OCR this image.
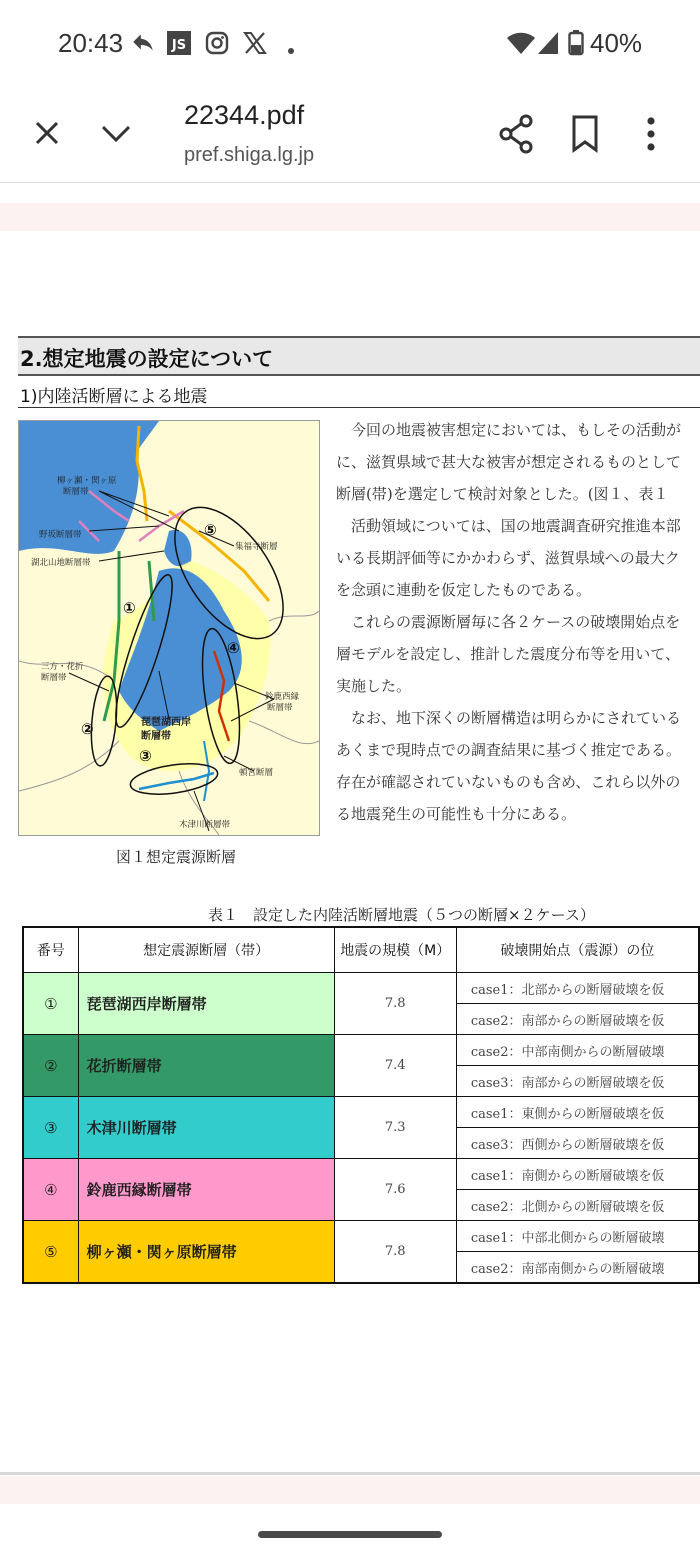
20:43	JS	40%
22344.pdf
pref.shiga.lg.jp
2.想定地震の設定について
1)内陸活断層による地震
柳ヶ瀬・関ヶ原
断層帯
野坂断層帯
湖北山地断層帯
集福寺断層
三方・花折
断層帯
琵琶湖西岸
断層帯
鈴鹿西縁
断層帯
頓宮断層
木津川断層帯
①
②
③
④
⑤
図１想定震源断層
　今回の地震被害想定においては、もしその活動が
に、滋賀県域で甚大な被害が想定されるものとして
断層(帯)を選定して検討対象とした。(図１、表１
　活動領域については、国の地震調査研究推進本部
いる長期評価等にかかわらず、滋賀県域への最大ク
を念頭に連動を仮定したものである。
　これらの震源断層毎に各２ケースの破壊開始点を
層モデルを設定し、推計した震度分布等を用いて、
実施した。
　なお、地下深くの断層構造は明らかにされている
あくまで現時点での調査結果に基づく推定である。
存在が確認されていないものも含め、これら以外の
る地震発生の可能性も十分にある。
表１　設定した内陸活断層地震（５つの断層×２ケース）
番号	想定震源断層（帯）	地震の規模（M）	破壊開始点（震源）の位
①	琵琶湖西岸断層帯	7.8	case1：北部からの断層破壊を仮
			case2：南部からの断層破壊を仮
②	花折断層帯	7.4	case2：中部南側からの断層破壊
			case3：南部からの断層破壊を仮
③	木津川断層帯	7.3	case1：東側からの断層破壊を仮
			case3：西側からの断層破壊を仮
④	鈴鹿西縁断層帯	7.6	case1：南側からの断層破壊を仮
			case2：北側からの断層破壊を仮
⑤	柳ヶ瀬・関ヶ原断層帯	7.8	case1：中部北側からの断層破壊
			case2：南部南側からの断層破壊
